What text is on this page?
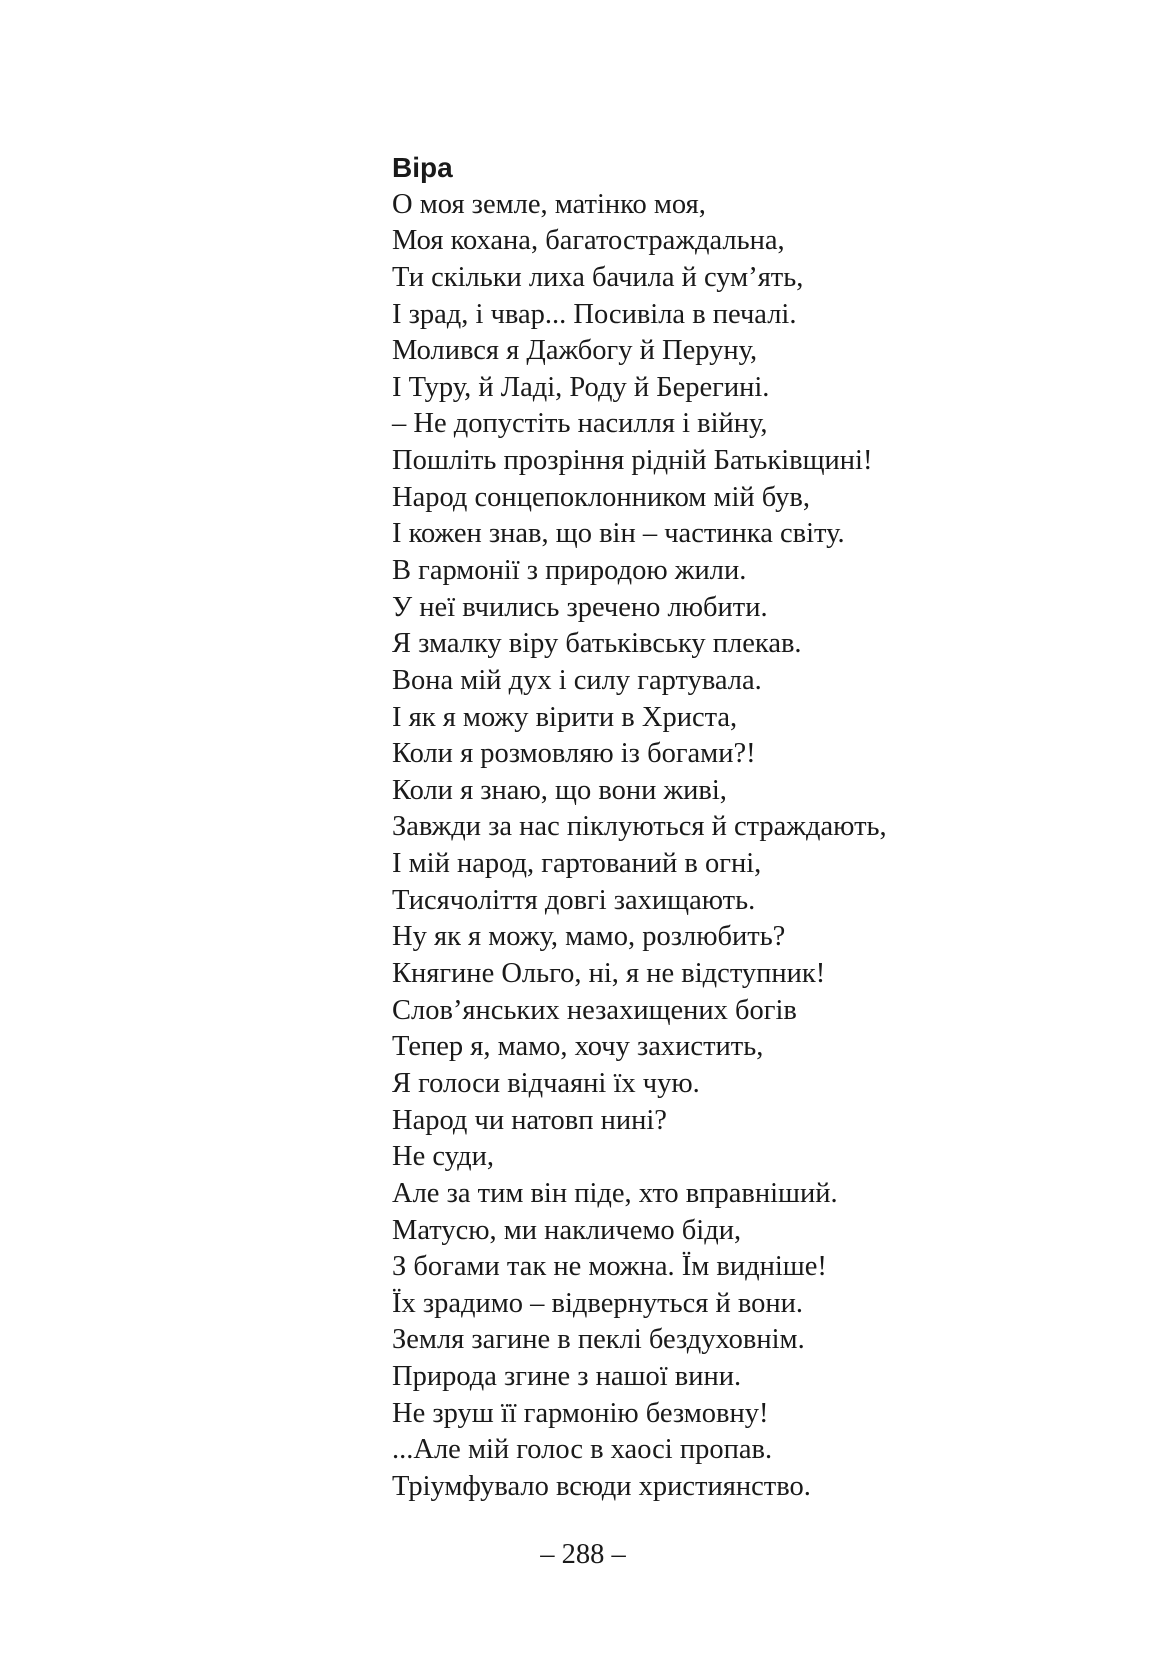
Віра
О моя земле, матінко моя,
Моя кохана, багатостраждальна,
Ти скільки лиха бачила й сум’ять,
І зрад, і чвар... Посивіла в печалі.
Молився я Дажбогу й Перуну,
І Туру, й Ладі, Роду й Берегині.
– Не допустіть насилля і війну,
Пошліть прозріння рідній Батьківщині!
Народ сонцепоклонником мій був,
І кожен знав, що він – частинка світу.
В гармонії з природою жили.
У неї вчились зречено любити.
Я змалку віру батьківську плекав.
Вона мій дух і силу гартувала.
І як я можу вірити в Христа,
Коли я розмовляю із богами?!
Коли я знаю, що вони живі,
Завжди за нас піклуються й страждають,
І мій народ, гартований в огні,
Тисячоліття довгі захищають.
Ну як я можу, мамо, розлюбить?
Княгине Ольго, ні, я не відступник!
Слов’янських незахищених богів
Тепер я, мамо, хочу захистить,
Я голоси відчаяні їх чую.
Народ чи натовп нині?
Не суди,
Але за тим він піде, хто вправніший.
Матусю, ми накличемо біди,
З богами так не можна. Їм видніше!
Їх зрадимо – відвернуться й вони.
Земля загине в пеклі бездуховнім.
Природа згине з нашої вини.
Не зруш її гармонію безмовну!
...Але мій голос в хаосі пропав.
Тріумфувало всюди християнство.
– 288 –
